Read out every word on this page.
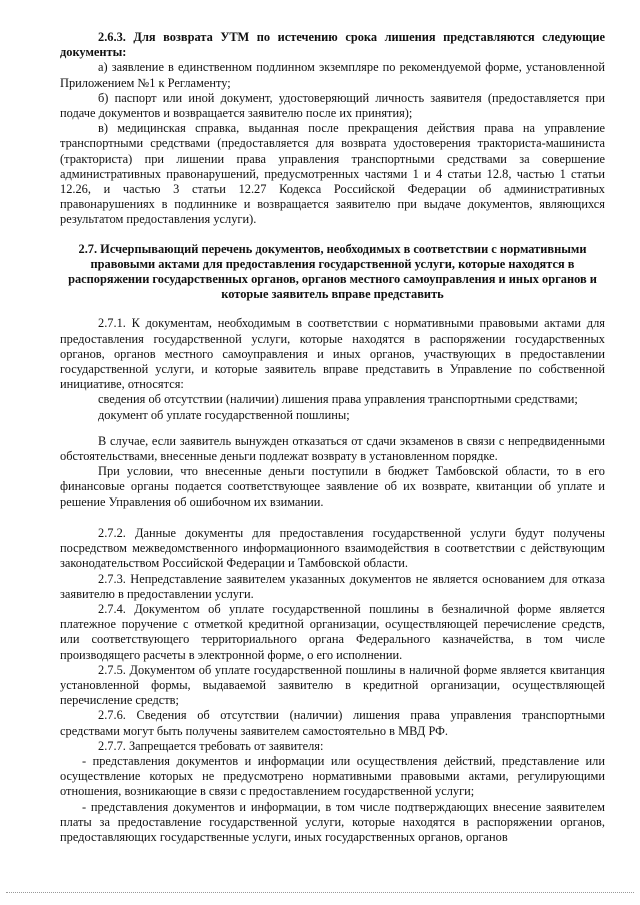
2.6.3. Для возврата УТМ по истечению срока лишения представляются следующие документы:

а) заявление в единственном подлинном экземпляре по рекомендуемой форме, установленной Приложением №1 к Регламенту;

б) паспорт или иной документ, удостоверяющий личность заявителя (предоставляется при подаче документов и возвращается заявителю после их принятия);

в) медицинская справка, выданная после прекращения действия права на управление транспортными средствами (предоставляется для возврата удостоверения тракториста-машиниста (тракториста) при лишении права управления транспортными средствами за совершение административных правонарушений, предусмотренных частями 1 и 4 статьи 12.8, частью 1 статьи 12.26, и частью 3 статьи 12.27 Кодекса Российской Федерации об административных правонарушениях в подлиннике и возвращается заявителю при выдаче документов, являющихся результатом предоставления услуги).

2.7. Исчерпывающий перечень документов, необходимых в соответствии с нормативными правовыми актами для предоставления государственной услуги, которые находятся в распоряжении государственных органов, органов местного самоуправления и иных органов и которые заявитель вправе представить

2.7.1. К документам, необходимым в соответствии с нормативными правовыми актами для предоставления государственной услуги, которые находятся в распоряжении государственных органов, органов местного самоуправления и иных органов, участвующих в предоставлении государственной услуги, и которые заявитель вправе представить в Управление по собственной инициативе, относятся:

сведения об отсутствии (наличии) лишения права управления транспортными средствами;

документ об уплате государственной пошлины;

В случае, если заявитель вынужден отказаться от сдачи экзаменов в связи с непредвиденными обстоятельствами, внесенные деньги подлежат возврату в установленном порядке.

При условии, что внесенные деньги поступили в бюджет Тамбовской области, то в его финансовые органы подается соответствующее заявление об их возврате, квитанции об уплате и решение Управления об ошибочном их взимании.

2.7.2. Данные документы для предоставления государственной услуги будут получены посредством межведомственного информационного взаимодействия в соответствии с действующим законодательством Российской Федерации и Тамбовской области.

2.7.3. Непредставление заявителем указанных документов не является основанием для отказа заявителю в предоставлении услуги.

2.7.4. Документом об уплате государственной пошлины в безналичной форме является платежное поручение с отметкой кредитной организации, осуществляющей перечисление средств, или соответствующего территориального органа Федерального казначейства, в том числе производящего расчеты в электронной форме, о его исполнении.

2.7.5. Документом об уплате государственной пошлины в наличной форме является квитанция установленной формы, выдаваемой заявителю в кредитной организации, осуществляющей перечисление средств;

2.7.6. Сведения об отсутствии (наличии) лишения права управления транспортными средствами могут быть получены заявителем самостоятельно в МВД РФ.

2.7.7. Запрещается требовать от заявителя:

- представления документов и информации или осуществления действий, представление или осуществление которых не предусмотрено нормативными правовыми актами, регулирующими отношения, возникающие в связи с предоставлением государственной услуги;

- представления документов и информации, в том числе подтверждающих внесение заявителем платы за предоставление государственной услуги, которые находятся в распоряжении органов, предоставляющих государственные услуги, иных государственных органов, органов
